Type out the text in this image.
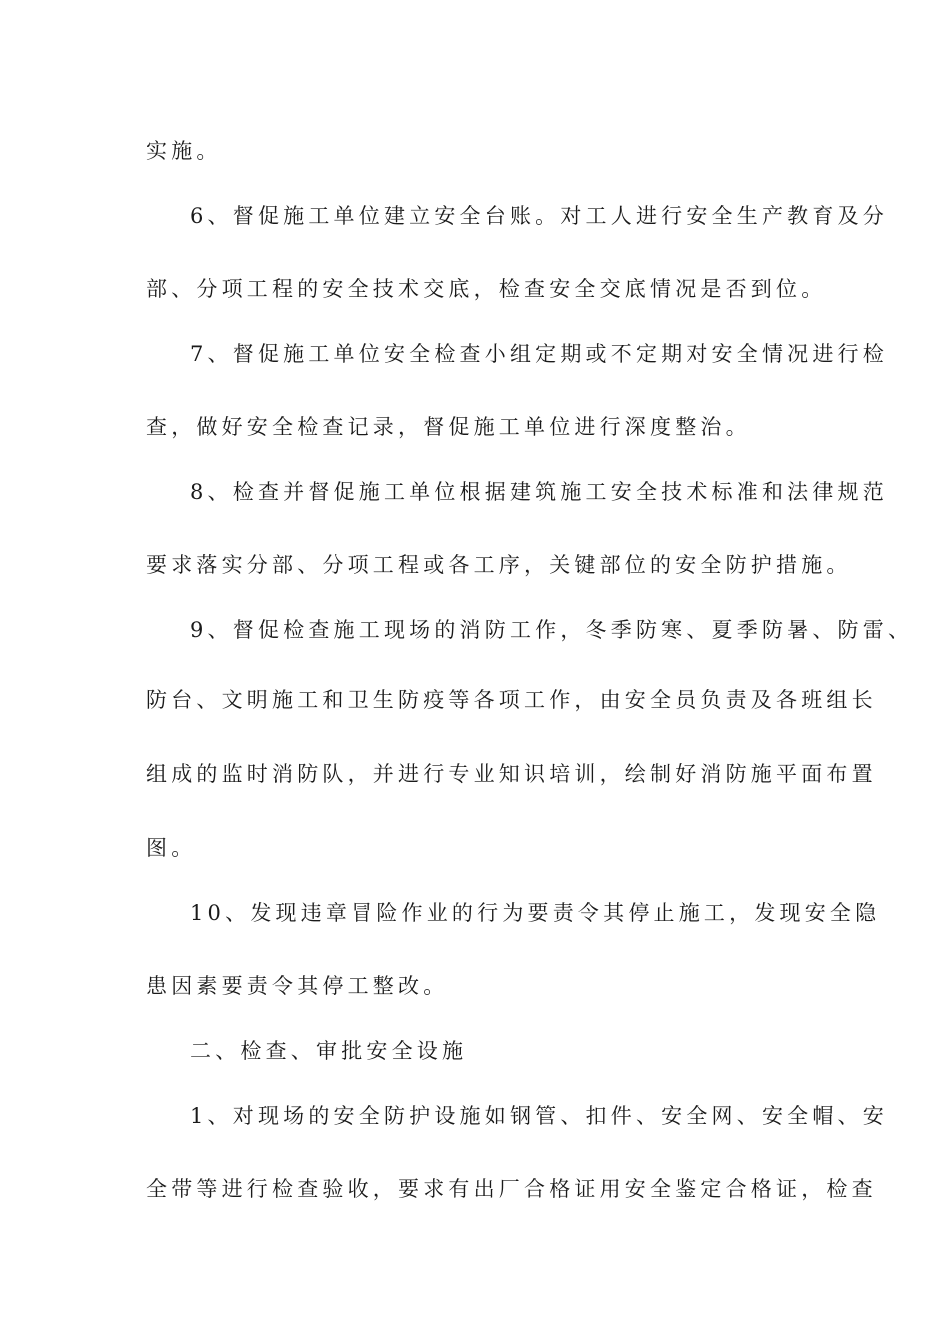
实施。
6、督促施工单位建立安全台账。对工人进行安全生产教育及分
部、分项工程的安全技术交底，检查安全交底情况是否到位。
7、督促施工单位安全检查小组定期或不定期对安全情况进行检
查，做好安全检查记录，督促施工单位进行深度整治。
8、检查并督促施工单位根据建筑施工安全技术标准和法律规范
要求落实分部、分项工程或各工序，关键部位的安全防护措施。
9、督促检查施工现场的消防工作，冬季防寒、夏季防暑、防雷、
防台、文明施工和卫生防疫等各项工作，由安全员负责及各班组长
组成的监时消防队，并进行专业知识培训，绘制好消防施平面布置
图。
10、发现违章冒险作业的行为要责令其停止施工，发现安全隐
患因素要责令其停工整改。
二、检查、审批安全设施
1、对现场的安全防护设施如钢管、扣件、安全网、安全帽、安
全带等进行检查验收，要求有出厂合格证用安全鉴定合格证，检查
